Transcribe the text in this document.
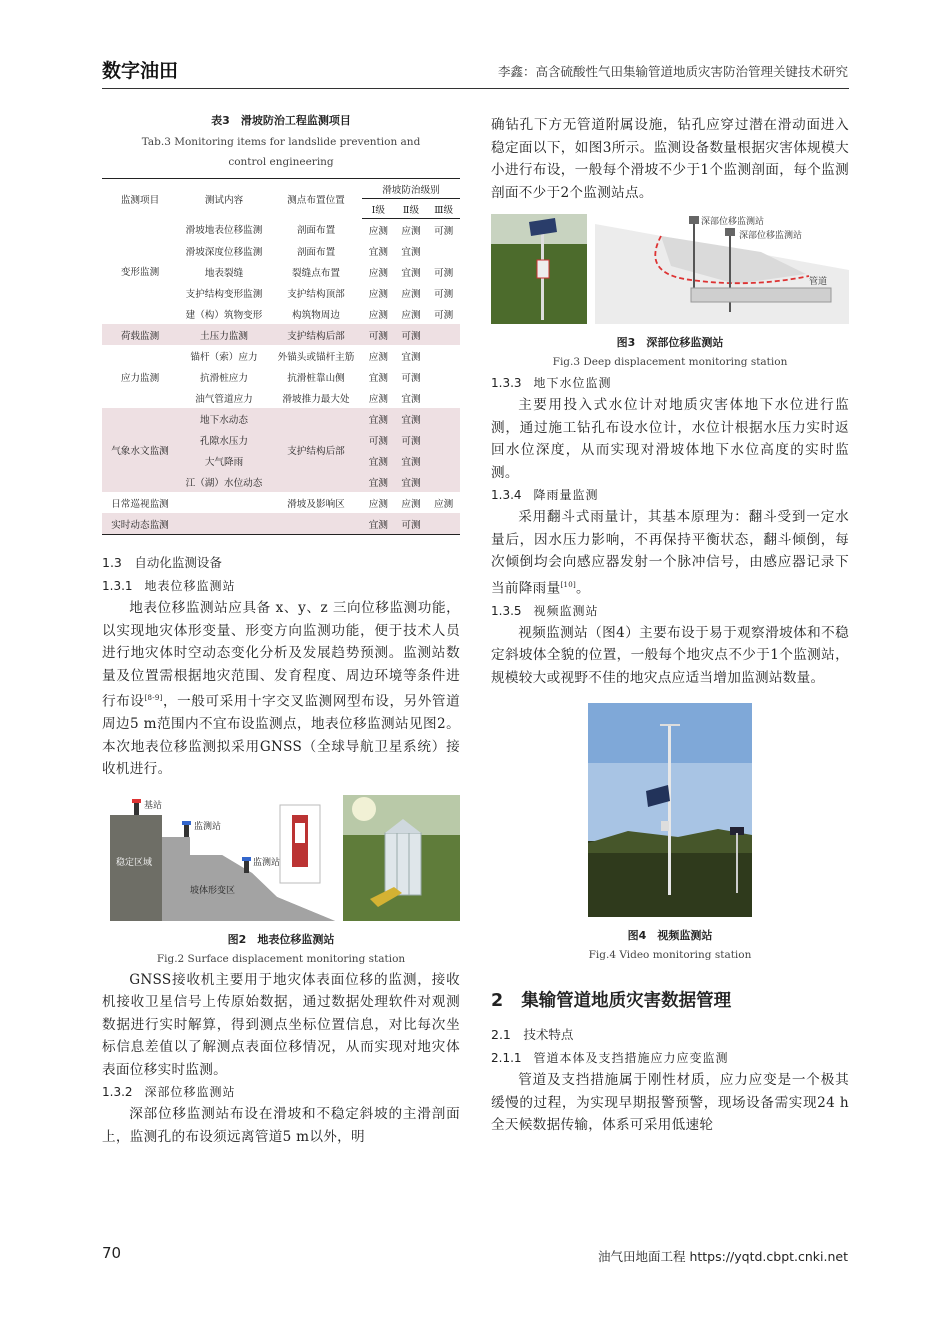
数字油田	李鑫：高含硫酸性气田集输管道地质灾害防治管理关键技术研究
表3　滑坡防治工程监测项目
Tab.3 Monitoring items for landslide prevention and
control engineering
监测项目	测试内容	测点布置位置	滑坡防治级别		
			Ⅰ级	Ⅱ级	Ⅲ级
变形监测	滑坡地表位移监测	剖面布置	应测	应测	可测
	滑坡深度位移监测	剖面布置	宜测	宜测	
	地表裂缝	裂缝点布置	应测	宜测	可测
	支护结构变形监测	支护结构顶部	应测	应测	可测
	建（构）筑物变形	构筑物周边	应测	应测	可测
荷载监测	土压力监测	支护结构后部	可测	可测	
应力监测	锚杆（索）应力	外锚头或锚杆主筋	应测	宜测	
	抗滑桩应力	抗滑桩靠山侧	宜测	可测	
	油气管道应力	滑坡推力最大处	应测	宜测	
气象水文监测	地下水动态	支护结构后部	宜测	宜测	
	孔隙水压力		可测	可测	
	大气降雨		宜测	宜测	
	江（湖）水位动态		宜测	宜测	
日常巡视监测		滑坡及影响区	应测	应测	应测
实时动态监测			宜测	可测	
1.3　 自动化监测设备
1.3.1 地表位移监测站

地表位移监测站应具备 x、y、z 三向位移监测功能，以实现地灾体形变量、形变方向监测功能，便于技术人员进行地灾体时空动态变化分析及发展趋势预测。监测站数量及位置需根据地灾范围、发育程度、周边环境等条件进行布设[8-9]，一般可采用十字交叉监测网型布设，另外管道周边5 m范围内不宜布设监测点，地表位移监测站见图2。本次地表位移监测拟采用GNSS（全球导航卫星系统）接收机进行。

基站
监测站
监测站
稳定区域
坡体形变区
图2　地表位移监测站
Fig.2 Surface displacement monitoring station

GNSS接收机主要用于地灾体表面位移的监测，接收机接收卫星信号上传原始数据，通过数据处理软件对观测数据进行实时解算，得到测点坐标位置信息，对比每次坐标信息差值以了解测点表面位移情况，从而实现对地灾体表面位移实时监测。

1.3.2 深部位移监测站

深部位移监测站布设在滑坡和不稳定斜坡的主滑剖面上，监测孔的布设须远离管道5 m以外，明

确钻孔下方无管道附属设施，钻孔应穿过潜在滑动面进入稳定面以下，如图3所示。监测设备数量根据灾害体规模大小进行布设，一般每个滑坡不少于1个监测剖面，每个监测剖面不少于2个监测站点。

深部位移监测站
深部位移监测站
管道
图3　深部位移监测站
Fig.3 Deep displacement monitoring station
1.3.3 地下水位监测

主要用投入式水位计对地质灾害体地下水位进行监测，通过施工钻孔布设水位计，水位计根据水压力实时返回水位深度，从而实现对滑坡体地下水位高度的实时监测。

1.3.4 降雨量监测

采用翻斗式雨量计，其基本原理为：翻斗受到一定水量后，因水压力影响，不再保持平衡状态，翻斗倾倒，每次倾倒均会向感应器发射一个脉冲信号，由感应器记录下当前降雨量[10]。

1.3.5 视频监测站

视频监测站（图4）主要布设于易于观察滑坡体和不稳定斜坡体全貌的位置，一般每个地灾点不少于1个监测站，规模较大或视野不佳的地灾点应适当增加监测站数量。

图4　视频监测站
Fig.4 Video monitoring station
2 集输管道地质灾害数据管理
2.1　 技术特点
2.1.1 管道本体及支挡措施应力应变监测

管道及支挡措施属于刚性材质，应力应变是一个极其缓慢的过程，为实现早期报警预警，现场设备需实现24 h全天候数据传输，体系可采用低速轮

70	油气田地面工程 https://yqtd.cbpt.cnki.net
